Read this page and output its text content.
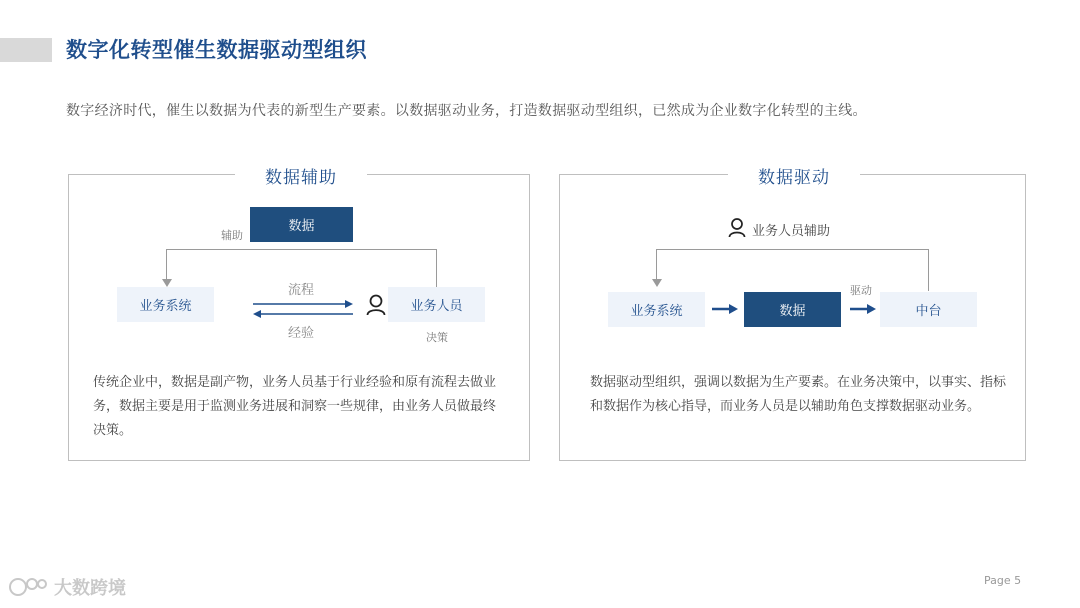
数字化转型催生数据驱动型组织
数字经济时代，催生以数据为代表的新型生产要素。以数据驱动业务，打造数据驱动型组织，已然成为企业数字化转型的主线。
数据辅助
数据
辅助
业务系统
流程
经验
业务人员
决策
传统企业中，数据是副产物，业务人员基于行业经验和原有流程去做业务，数据主要是用于监测业务进展和洞察一些规律，由业务人员做最终决策。
数据驱动
业务人员辅助
业务系统	数据
驱动
中台
数据驱动型组织，强调以数据为生产要素。在业务决策中，以事实、指标和数据作为核心指导，而业务人员是以辅助角色支撑数据驱动业务。
大数跨境	Page 5
